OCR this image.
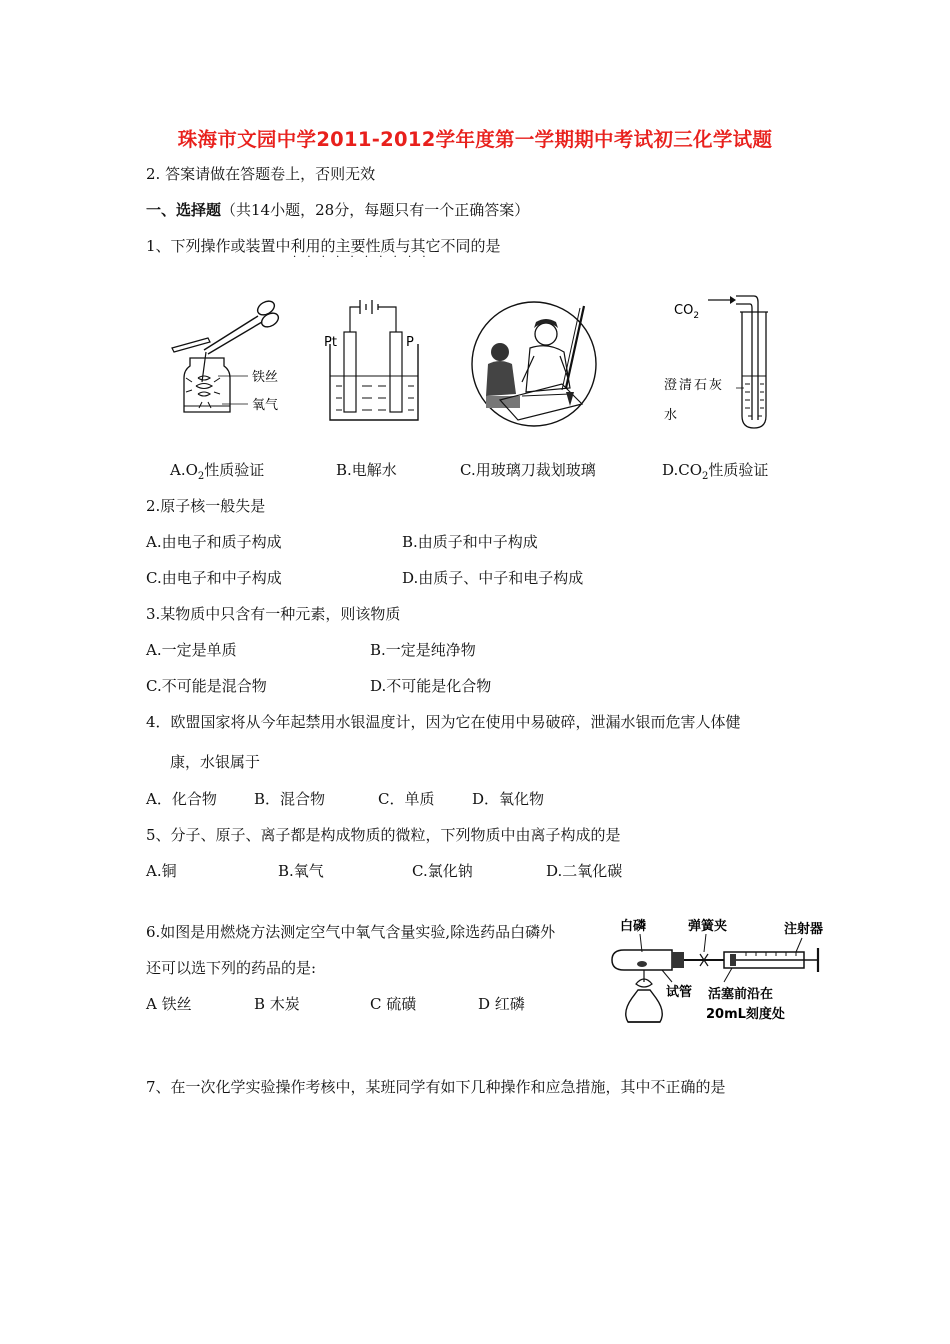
珠海市文园中学2011-2012学年度第一学期期中考试初三化学试题
2. 答案请做在答题卷上，否则无效
一、选择题（共14小题，28分，每题只有一个正确答案）
1、下列操作或装置中利用的主要性质与其它不同的是
··········
铁丝
氧气
Pt	P
$CO_2$
澄清石灰
水
$A.O_2$性质验证	B.电解水	C.用玻璃刀裁划玻璃	$D.CO_2$性质验证
2.原子核一般失是
A.由电子和质子构成	B.由质子和中子构成
C.由电子和中子构成	D.由质子、中子和电子构成
3.某物质中只含有一种元素，则该物质
A.一定是单质	B.一定是纯净物
C.不可能是混合物	D.不可能是化合物
4．欧盟国家将从今年起禁用水银温度计，因为它在使用中易破碎，泄漏水银而危害人体健
康，水银属于
A．化合物 B．混合物	C．单质	D．氧化物
5、分子、原子、离子都是构成物质的微粒，下列物质中由离子构成的是
A.铜	B.氧气	C.氯化钠	D.二氧化碳
6.如图是用燃烧方法测定空气中氧气含量实验,除选药品白磷外
还可以选下列的药品的是:
A 铁丝	B 木炭	C 硫磺	D 红磷
白磷	弹簧夹	注射器
试管 活塞前沿在
20mL刻度处
7、在一次化学实验操作考核中，某班同学有如下几种操作和应急措施，其中不正确的是
